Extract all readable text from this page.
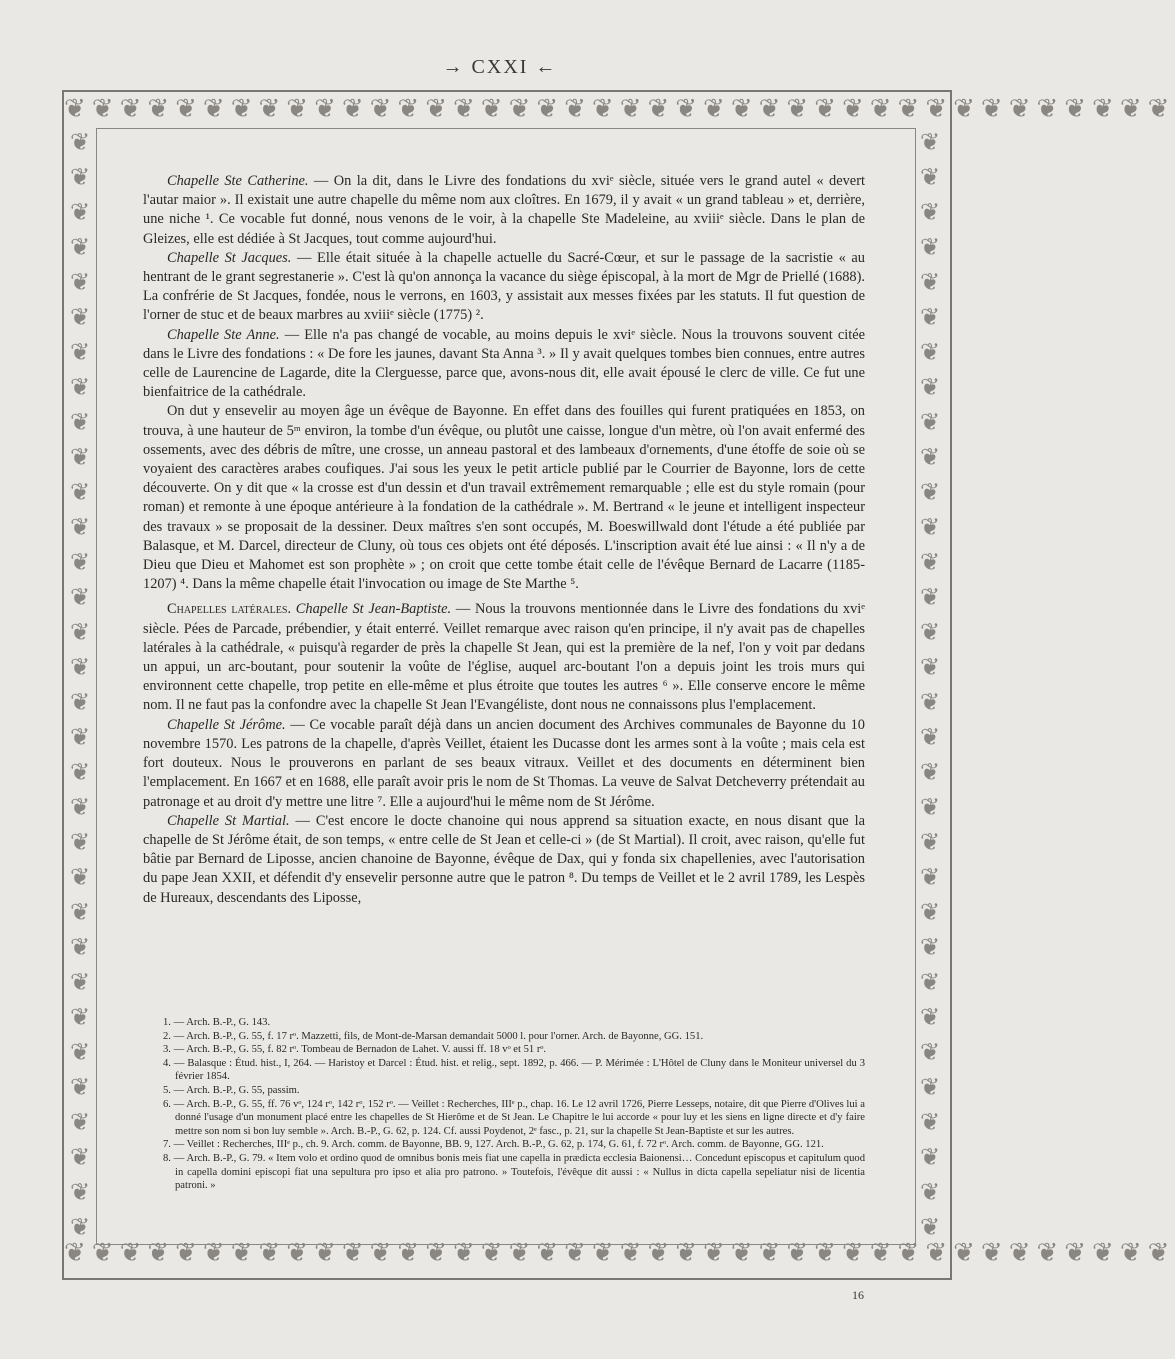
→ CXXI ←
❦❦❦❦❦❦❦❦❦❦❦❦❦❦❦❦❦❦❦❦❦❦❦❦❦❦❦❦❦❦❦❦❦❦❦❦❦❦❦❦
❦❦❦❦❦❦❦❦❦❦❦❦❦❦❦❦❦❦❦❦❦❦❦❦❦❦❦❦❦❦❦❦❦❦❦❦❦❦❦❦
❦
❦
❦
❦
❦
❦
❦
❦
❦
❦
❦
❦
❦
❦
❦
❦
❦
❦
❦
❦
❦
❦
❦
❦
❦
❦
❦
❦
❦
❦
❦
❦
❦
❦
❦
❦
❦
❦
❦
❦
❦
❦
❦
❦
❦
❦
❦
❦
❦
❦
❦
❦
❦
❦
❦
❦
❦
❦
❦
❦
❦
❦
❦
❦

Chapelle Ste Catherine. — On la dit, dans le Livre des fondations du xviᵉ siècle, située vers le grand autel « devert l'autar maior ». Il existait une autre chapelle du même nom aux cloîtres. En 1679, il y avait « un grand tableau » et, derrière, une niche ¹. Ce vocable fut donné, nous venons de le voir, à la chapelle Ste Madeleine, au xviiiᵉ siècle. Dans le plan de Gleizes, elle est dédiée à St Jacques, tout comme aujourd'hui.

Chapelle St Jacques. — Elle était située à la chapelle actuelle du Sacré-Cœur, et sur le passage de la sacristie « au hentrant de le grant segrestanerie ». C'est là qu'on annonça la vacance du siège épiscopal, à la mort de Mgr de Priellé (1688). La confrérie de St Jacques, fondée, nous le verrons, en 1603, y assistait aux messes fixées par les statuts. Il fut question de l'orner de stuc et de beaux marbres au xviiiᵉ siècle (1775) ².

Chapelle Ste Anne. — Elle n'a pas changé de vocable, au moins depuis le xviᵉ siècle. Nous la trouvons souvent citée dans le Livre des fondations : « De fore les jaunes, davant Sta Anna ³. » Il y avait quelques tombes bien connues, entre autres celle de Laurencine de Lagarde, dite la Clerguesse, parce que, avons-nous dit, elle avait épousé le clerc de ville. Ce fut une bienfaitrice de la cathédrale.

On dut y ensevelir au moyen âge un évêque de Bayonne. En effet dans des fouilles qui furent pratiquées en 1853, on trouva, à une hauteur de 5ᵐ environ, la tombe d'un évêque, ou plutôt une caisse, longue d'un mètre, où l'on avait enfermé des ossements, avec des débris de mître, une crosse, un anneau pastoral et des lambeaux d'ornements, d'une étoffe de soie où se voyaient des caractères arabes coufiques. J'ai sous les yeux le petit article publié par le Courrier de Bayonne, lors de cette découverte. On y dit que « la crosse est d'un dessin et d'un travail extrêmement remarquable ; elle est du style romain (pour roman) et remonte à une époque antérieure à la fondation de la cathédrale ». M. Bertrand « le jeune et intelligent inspecteur des travaux » se proposait de la dessiner. Deux maîtres s'en sont occupés, M. Boeswillwald dont l'étude a été publiée par Balasque, et M. Darcel, directeur de Cluny, où tous ces objets ont été déposés. L'inscription avait été lue ainsi : « Il n'y a de Dieu que Dieu et Mahomet est son prophète » ; on croit que cette tombe était celle de l'évêque Bernard de Lacarre (1185-1207) ⁴. Dans la même chapelle était l'invocation ou image de Ste Marthe ⁵.

Chapelles latérales. Chapelle St Jean-Baptiste. — Nous la trouvons mentionnée dans le Livre des fondations du xviᵉ siècle. Pées de Parcade, prébendier, y était enterré. Veillet remarque avec raison qu'en principe, il n'y avait pas de chapelles latérales à la cathédrale, « puisqu'à regarder de près la chapelle St Jean, qui est la première de la nef, l'on y voit par dedans un appui, un arc-boutant, pour soutenir la voûte de l'église, auquel arc-boutant l'on a depuis joint les trois murs qui environnent cette chapelle, trop petite en elle-même et plus étroite que toutes les autres ⁶ ». Elle conserve encore le même nom. Il ne faut pas la confondre avec la chapelle St Jean l'Evangéliste, dont nous ne connaissons plus l'emplacement.

Chapelle St Jérôme. — Ce vocable paraît déjà dans un ancien document des Archives communales de Bayonne du 10 novembre 1570. Les patrons de la chapelle, d'après Veillet, étaient les Ducasse dont les armes sont à la voûte ; mais cela est fort douteux. Nous le prouverons en parlant de ses beaux vitraux. Veillet et des documents en déterminent bien l'emplacement. En 1667 et en 1688, elle paraît avoir pris le nom de St Thomas. La veuve de Salvat Detcheverry prétendait au patronage et au droit d'y mettre une litre ⁷. Elle a aujourd'hui le même nom de St Jérôme.

Chapelle St Martial. — C'est encore le docte chanoine qui nous apprend sa situation exacte, en nous disant que la chapelle de St Jérôme était, de son temps, « entre celle de St Jean et celle-ci » (de St Martial). Il croit, avec raison, qu'elle fut bâtie par Bernard de Liposse, ancien chanoine de Bayonne, évêque de Dax, qui y fonda six chapellenies, avec l'autorisation du pape Jean XXII, et défendit d'y ensevelir personne autre que le patron ⁸. Du temps de Veillet et le 2 avril 1789, les Lespès de Hureaux, descendants des Liposse,

1. — Arch. B.-P., G. 143.

2. — Arch. B.-P., G. 55, f. 17 rᵒ. Mazzetti, fils, de Mont-de-Marsan demandait 5000 l. pour l'orner. Arch. de Bayonne, GG. 151.

3. — Arch. B.-P., G. 55, f. 82 rᵒ. Tombeau de Bernadon de Lahet. V. aussi ff. 18 vᵒ et 51 rᵒ.

4. — Balasque : Étud. hist., I, 264. — Haristoy et Darcel : Étud. hist. et relig., sept. 1892, p. 466. — P. Mérimée : L'Hôtel de Cluny dans le Moniteur universel du 3 février 1854.

5. — Arch. B.-P., G. 55, passim.

6. — Arch. B.-P., G. 55, ff. 76 vᵒ, 124 rᵒ, 142 rᵒ, 152 rᵒ. — Veillet : Recherches, IIIᵉ p., chap. 16. Le 12 avril 1726, Pierre Lesseps, notaire, dit que Pierre d'Olives lui a donné l'usage d'un monument placé entre les chapelles de St Hierôme et de St Jean. Le Chapitre le lui accorde « pour luy et les siens en ligne directe et d'y faire mettre son nom si bon luy semble ». Arch. B.-P., G. 62, p. 124. Cf. aussi Poydenot, 2ᵉ fasc., p. 21, sur la chapelle St Jean-Baptiste et sur les autres.

7. — Veillet : Recherches, IIIᵉ p., ch. 9. Arch. comm. de Bayonne, BB. 9, 127. Arch. B.-P., G. 62, p. 174, G. 61, f. 72 rᵒ. Arch. comm. de Bayonne, GG. 121.

8. — Arch. B.-P., G. 79. « Item volo et ordino quod de omnibus bonis meis fiat une capella in prædicta ecclesia Baionensi… Concedunt episcopus et capitulum quod in capella domini episcopi fiat una sepultura pro ipso et alia pro patrono. » Toutefois, l'évêque dit aussi : « Nullus in dicta capella sepeliatur nisi de licentia patroni. »

16
